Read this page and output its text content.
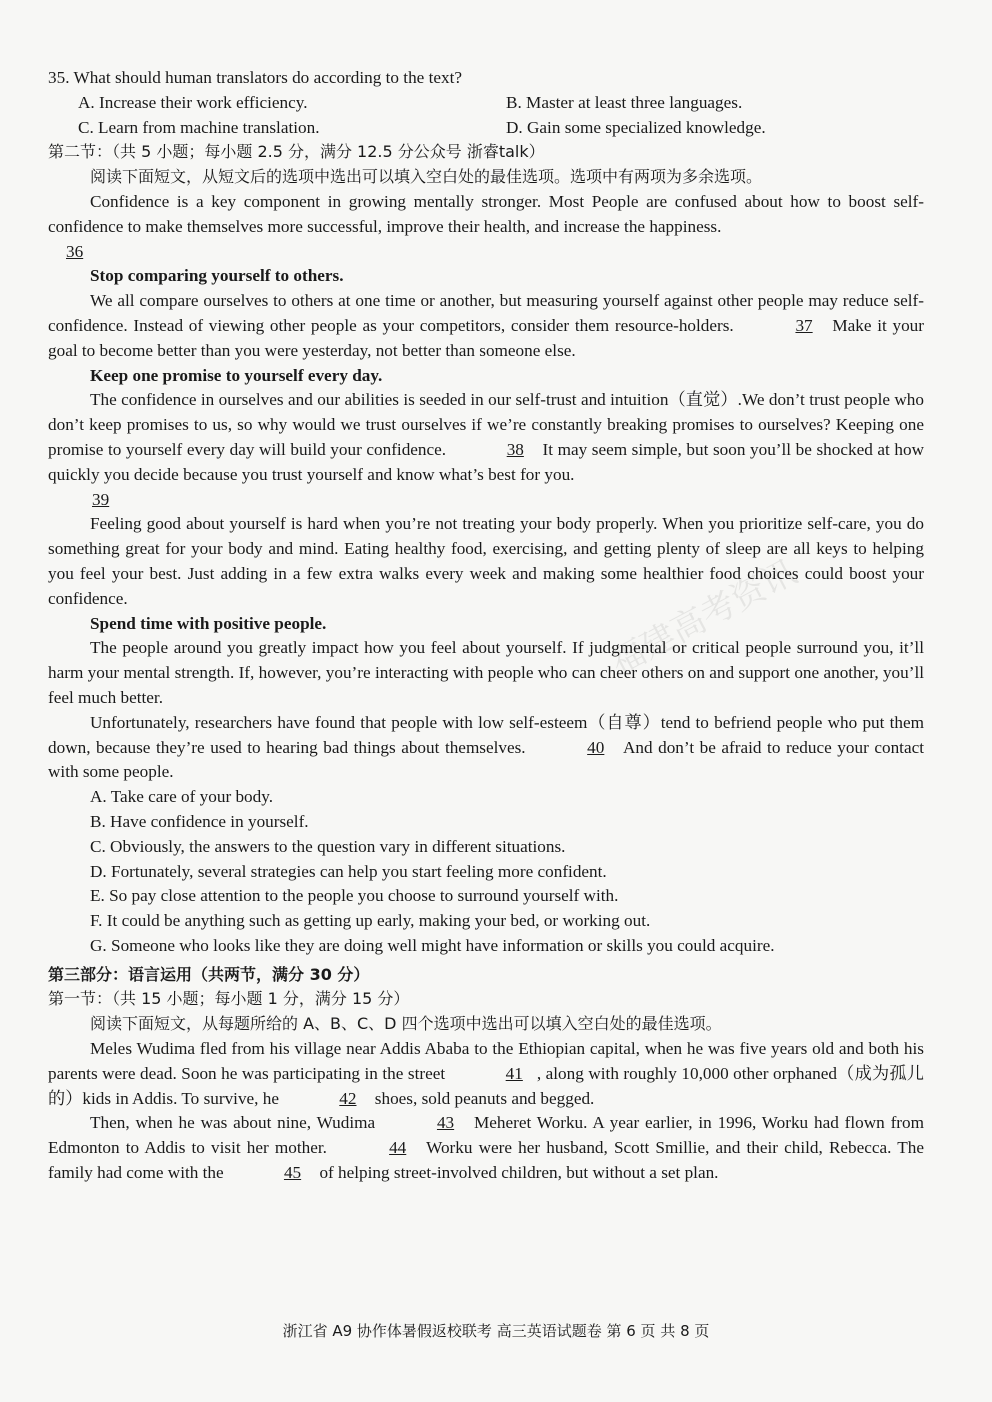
福建高考资讯

35. What should human translators do according to the text?

A. Increase their work efficiency.	B. Master at least three languages.
C. Learn from machine translation.	D. Gain some specialized knowledge.

第二节：（共 5 小题；每小题 2.5 分，满分 12.5 分公众号 浙睿talk）

阅读下面短文，从短文后的选项中选出可以填入空白处的最佳选项。选项中有两项为多余选项。

Confidence is a key component in growing mentally stronger. Most People are confused about how to boost self-confidence to make themselves more successful, improve their health, and increase the happiness.

36

Stop comparing yourself to others.

We all compare ourselves to others at one time or another, but measuring yourself against other people may reduce self-confidence. Instead of viewing other people as your competitors, consider them resource-holders.	37 Make it your goal to become better than you were yesterday, not better than someone else.

Keep one promise to yourself every day.

The confidence in ourselves and our abilities is seeded in our self-trust and intuition（直觉）.We don’t trust people who don’t keep promises to us, so why would we trust ourselves if we’re constantly breaking promises to ourselves? Keeping one promise to yourself every day will build your confidence.	38 It may seem simple, but soon you’ll be shocked at how quickly you decide because you trust yourself and know what’s best for you.

39

Feeling good about yourself is hard when you’re not treating your body properly. When you prioritize self-care, you do something great for your body and mind. Eating healthy food, exercising, and getting plenty of sleep are all keys to helping you feel your best. Just adding in a few extra walks every week and making some healthier food choices could boost your confidence.

Spend time with positive people.

The people around you greatly impact how you feel about yourself. If judgmental or critical people surround you, it’ll harm your mental strength. If, however, you’re interacting with people who can cheer others on and support one another, you’ll feel much better.

Unfortunately, researchers have found that people with low self-esteem（自尊）tend to befriend people who put them down, because they’re used to hearing bad things about themselves.	40 And don’t be afraid to reduce your contact with some people.

A. Take care of your body.

B. Have confidence in yourself.

C. Obviously, the answers to the question vary in different situations.

D. Fortunately, several strategies can help you start feeling more confident.

E. So pay close attention to the people you choose to surround yourself with.

F. It could be anything such as getting up early, making your bed, or working out.

G. Someone who looks like they are doing well might have information or skills you could acquire.

第三部分：语言运用（共两节，满分 30 分）

第一节：（共 15 小题；每小题 1 分，满分 15 分）

阅读下面短文，从每题所给的 A、B、C、D 四个选项中选出可以填入空白处的最佳选项。

Meles Wudima fled from his village near Addis Ababa to the Ethiopian capital, when he was five years old and both his parents were dead. Soon he was participating in the street	41 , along with roughly 10,000 other orphaned（成为孤儿的）kids in Addis. To survive, he	42 shoes, sold peanuts and begged.

Then, when he was about nine, Wudima	43 Meheret Worku. A year earlier, in 1996, Worku had flown from Edmonton to Addis to visit her mother.	44 Worku were her husband, Scott Smillie, and their child, Rebecca. The family had come with the	45 of helping street-involved children, but without a set plan.

浙江省 A9 协作体暑假返校联考 高三英语试题卷 第 6 页 共 8 页
